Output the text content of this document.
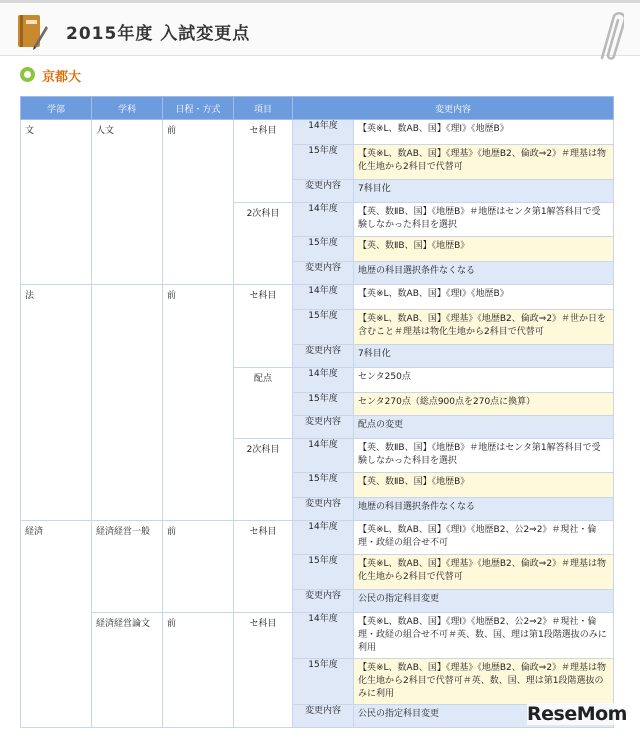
2015年度 入試変更点
京都大
学部	学科	日程・方式	項目	変更内容	
文	人文	前	セ科目	14年度	【英※L、数AB、国】《理Ⅰ》《地歴B》
				15年度	【英※L、数AB、国】《理基》《地歴B2、倫政⇒2》＃理基は物化生地から2科目で代替可
				変更内容	7科目化
			2次科目	14年度	【英、数ⅡB、国】《地歴B》＃地歴はセンタ第1解答科目で受験しなかった科目を選択
				15年度	【英、数ⅡB、国】《地歴B》
				変更内容	地歴の科目選択条件なくなる
法		前	セ科目	14年度	【英※L、数AB、国】《理Ⅰ》《地歴B》
				15年度	【英※L、数AB、国】《理基》《地歴B2、倫政⇒2》＃世か日を含むこと＃理基は物化生地から2科目で代替可
				変更内容	7科目化
			配点	14年度	センタ250点
				15年度	センタ270点（総点900点を270点に換算）
				変更内容	配点の変更
			2次科目	14年度	【英、数ⅡB、国】《地歴B》＃地歴はセンタ第1解答科目で受験しなかった科目を選択
				15年度	【英、数ⅡB、国】《地歴B》
				変更内容	地歴の科目選択条件なくなる
経済	経済経営一般	前	セ科目	14年度	【英※L、数AB、国】《理Ⅰ》《地歴B2、公2⇒2》＃現社・倫理・政経の組合せ不可
				15年度	【英※L、数AB、国】《理基》《地歴B2、倫政⇒2》＃理基は物化生地から2科目で代替可
				変更内容	公民の指定科目変更
	経済経営論文	前	セ科目	14年度	【英※L、数AB、国】《理Ⅰ》《地歴B2、公2⇒2》＃現社・倫理・政経の組合せ不可＃英、数、国、理は第1段階選抜のみに利用
				15年度	【英※L、数AB、国】《理基》《地歴B2、倫政⇒2》＃理基は物化生地から2科目で代替可＃英、数、国、理は第1段階選抜のみに利用
				変更内容	公民の指定科目変更	ReseMom
